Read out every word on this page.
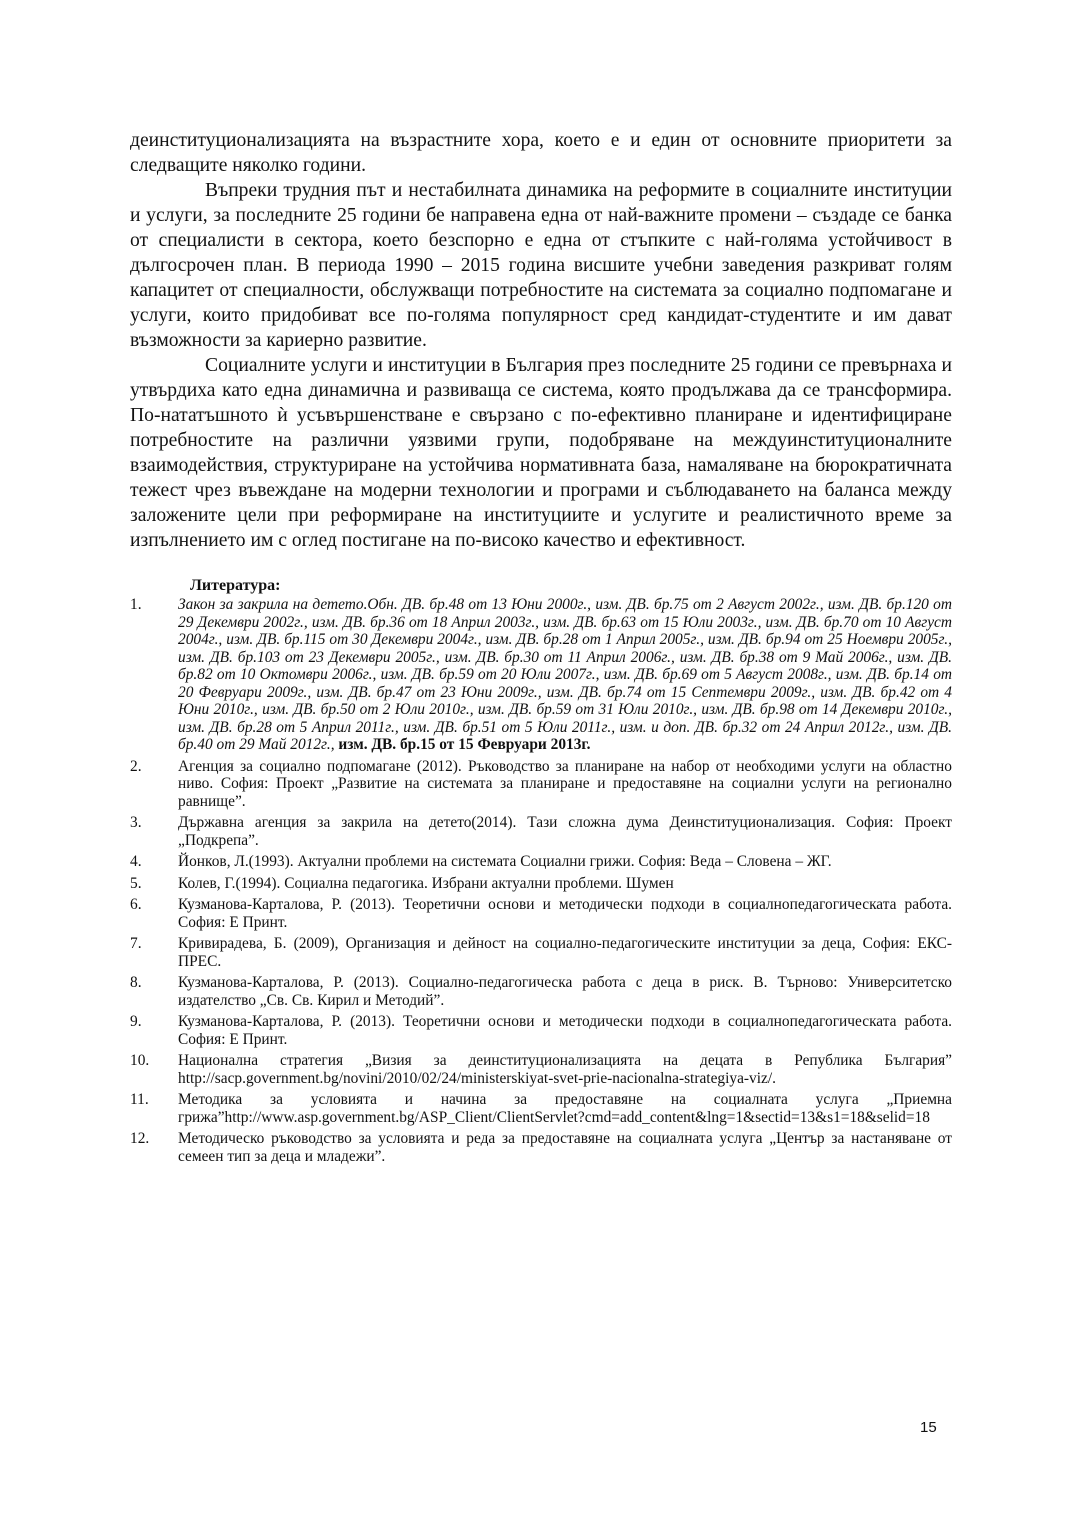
деинституционализацията на възрастните хора, което е и един от основните приоритети за следващите няколко години.

Въпреки трудния път и нестабилната динамика на реформите в социалните институции и услуги, за последните 25 години бе направена една от най-важните промени – създаде се банка от специалисти в сектора, което безспорно е една от стъпките с най-голяма устойчивост в дългосрочен план. В периода 1990 – 2015 година висшите учебни заведения разкриват голям капацитет от специалности, обслужващи потребностите на системата за социално подпомагане и услуги, които придобиват все по-голяма популярност сред кандидат-студентите и им дават възможности за кариерно развитие.

Социалните услуги и институции в България през последните 25 години се превърнаха и утвърдиха като една динамична и развиваща се система, която продължава да се трансформира. По-нататъшното ѝ усъвършенстване е свързано с по-ефективно планиране и идентифициране потребностите на различни уязвими групи, подобряване на междуинституционалните взаимодействия, структуриране на устойчива нормативната база, намаляване на бюрократичната тежест чрез въвеждане на модерни технологии и програми и съблюдаването на баланса между заложените цели при реформиране на институциите и услугите и реалистичното време за изпълнението им с оглед постигане на по-високо качество и ефективност.

Литература:
1. Закон за закрила на детето.Обн. ДВ. бр.48 от 13 Юни 2000г., изм. ДВ. бр.75 от 2 Август 2002г., изм. ДВ. бр.120 от 29 Декември 2002г., изм. ДВ. бр.36 от 18 Април 2003г., изм. ДВ. бр.63 от 15 Юли 2003г., изм. ДВ. бр.70 от 10 Август 2004г., изм. ДВ. бр.115 от 30 Декември 2004г., изм. ДВ. бр.28 от 1 Април 2005г., изм. ДВ. бр.94 от 25 Ноември 2005г., изм. ДВ. бр.103 от 23 Декември 2005г., изм. ДВ. бр.30 от 11 Април 2006г., изм. ДВ. бр.38 от 9 Май 2006г., изм. ДВ. бр.82 от 10 Октомври 2006г., изм. ДВ. бр.59 от 20 Юли 2007г., изм. ДВ. бр.69 от 5 Август 2008г., изм. ДВ. бр.14 от 20 Февруари 2009г., изм. ДВ. бр.47 от 23 Юни 2009г., изм. ДВ. бр.74 от 15 Септември 2009г., изм. ДВ. бр.42 от 4 Юни 2010г., изм. ДВ. бр.50 от 2 Юли 2010г., изм. ДВ. бр.59 от 31 Юли 2010г., изм. ДВ. бр.98 от 14 Декември 2010г., изм. ДВ. бр.28 от 5 Април 2011г., изм. ДВ. бр.51 от 5 Юли 2011г., изм. и доп. ДВ. бр.32 от 24 Април 2012г., изм. ДВ. бр.40 от 29 Май 2012г., изм. ДВ. бр.15 от 15 Февруари 2013г.
2. Агенция за социално подпомагане (2012). Ръководство за планиране на набор от необходими услуги на областно ниво. София: Проект „Развитие на системата за планиране и предоставяне на социални услуги на регионално равнище”.
3. Държавна агенция за закрила на детето(2014). Тази сложна дума Деинституционализация. София: Проект „Подкрепа”.
4. Йонков, Л.(1993). Актуални проблеми на системата Социални грижи. София: Веда – Словена – ЖГ.
5. Колев, Г.(1994). Социална педагогика. Избрани актуални проблеми. Шумен
6. Кузманова-Карталова, Р. (2013). Теоретични основи и методически подходи в социалнопедагогическата работа. София: Е Принт.
7. Кривирадева, Б. (2009), Организация и дейност на социално-педагогическите институции за деца, София: ЕКС-ПРЕС.
8. Кузманова-Карталова, Р. (2013). Социално-педагогическа работа с деца в риск. В. Търново: Университетско издателство „Св. Св. Кирил и Методий”.
9. Кузманова-Карталова, Р. (2013). Теоретични основи и методически подходи в социалнопедагогическата работа. София: Е Принт.
10. Национална стратегия „Визия за деинституционализацията на децата в Република България” http://sacp.government.bg/novini/2010/02/24/ministerskiyat-svet-prie-nacionalna-strategiya-viz/.
11. Методика за условията и начина за предоставяне на социалната услуга „Приемна грижа”http://www.asp.government.bg/ASP_Client/ClientServlet?cmd=add_content&lng=1&sectid=13&s1=18&selid=18
12. Методическо ръководство за условията и реда за предоставяне на социалната услуга „Център за настаняване от семеен тип за деца и младежи”.
15
